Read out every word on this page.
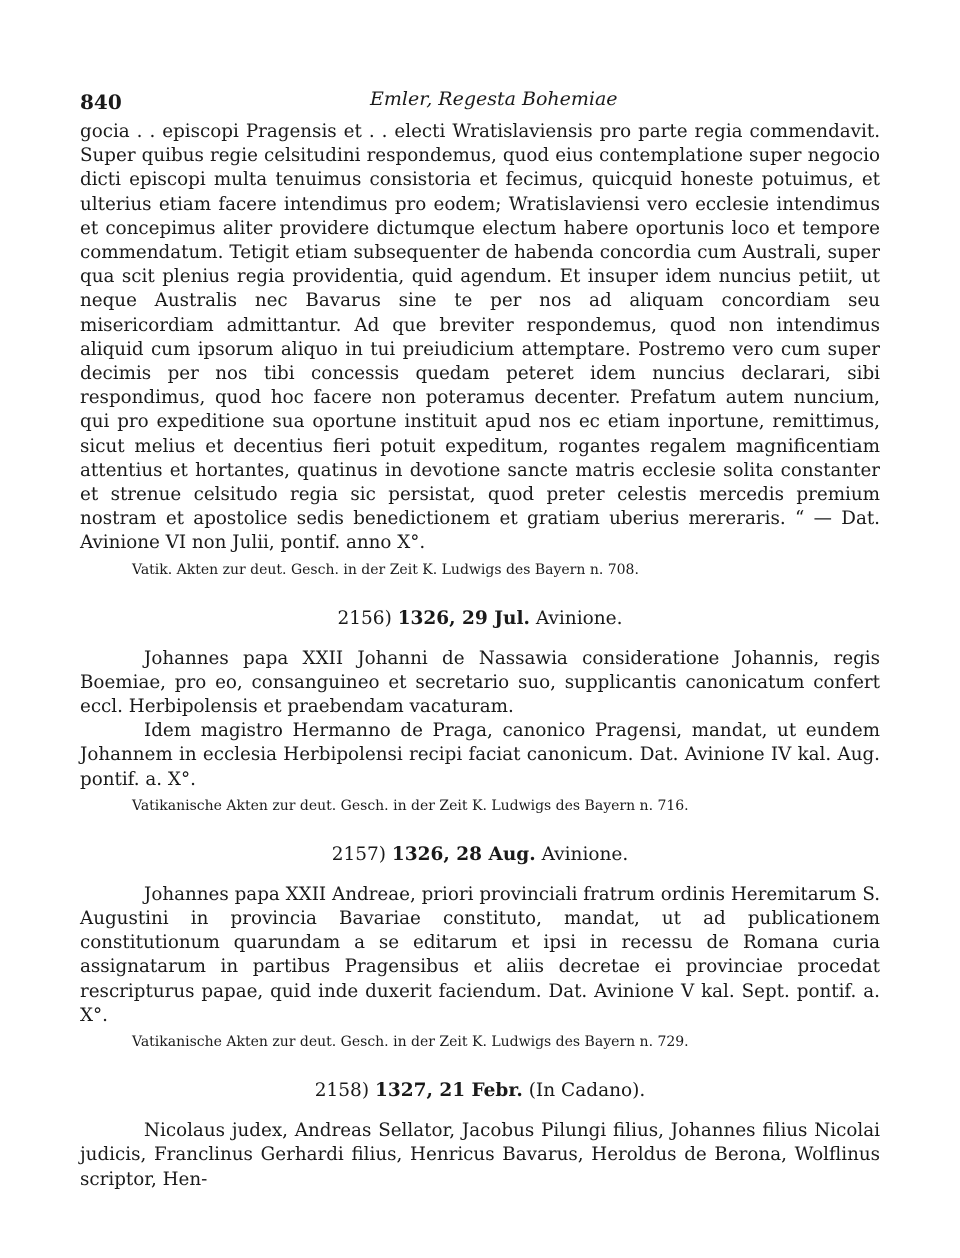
840	Emler, Regesta Bohemiae

gocia . . episcopi Pragensis et . . electi Wratislaviensis pro parte regia commendavit. Super quibus regie celsitudini respondemus, quod eius contemplatione super negocio dicti episcopi multa tenuimus consistoria et fecimus, quicquid honeste potuimus, et ulterius etiam facere intendimus pro eodem; Wratislaviensi vero ecclesie intendimus et concepimus aliter providere dictumque electum habere oportunis loco et tempore commendatum. Tetigit etiam subsequenter de habenda concordia cum Australi, super qua scit plenius regia providentia, quid agendum. Et insuper idem nuncius petiit, ut neque Australis nec Bavarus sine te per nos ad aliquam concordiam seu misericordiam admittantur. Ad que breviter respondemus, quod non intendimus aliquid cum ipsorum aliquo in tui preiudicium attemptare. Postremo vero cum super decimis per nos tibi concessis quedam peteret idem nuncius declarari, sibi respondimus, quod hoc facere non poteramus decenter. Prefatum autem nuncium, qui pro expeditione sua oportune instituit apud nos ec etiam inportune, remittimus, sicut melius et decentius fieri potuit expeditum, rogantes regalem magnificentiam attentius et hortantes, quatinus in devotione sancte matris ecclesie solita constanter et strenue celsitudo regia sic persistat, quod preter celestis mercedis premium nostram et apostolice sedis benedictionem et gratiam uberius mereraris. “ — Dat. Avinione VI non Julii, pontif. anno X°.

Vatik. Akten zur deut. Gesch. in der Zeit K. Ludwigs des Bayern n. 708.
2156) 1326, 29 Jul. Avinione.

Johannes papa XXII Johanni de Nassawia consideratione Johannis, regis Boemiae, pro eo, consanguineo et secretario suo, supplicantis canonicatum confert eccl. Herbipolensis et praebendam vacaturam.

Idem magistro Hermanno de Praga, canonico Pragensi, mandat, ut eundem Johannem in ecclesia Herbipolensi recipi faciat canonicum. Dat. Avinione IV kal. Aug. pontif. a. X°.

Vatikanische Akten zur deut. Gesch. in der Zeit K. Ludwigs des Bayern n. 716.
2157) 1326, 28 Aug. Avinione.

Johannes papa XXII Andreae, priori provinciali fratrum ordinis Heremitarum S. Augustini in provincia Bavariae constituto, mandat, ut ad publicationem constitutionum quarundam a se editarum et ipsi in recessu de Romana curia assignatarum in partibus Pragensibus et aliis decretae ei provinciae procedat rescripturus papae, quid inde duxerit faciendum. Dat. Avinione V kal. Sept. pontif. a. X°.

Vatikanische Akten zur deut. Gesch. in der Zeit K. Ludwigs des Bayern n. 729.
2158) 1327, 21 Febr. (In Cadano).

Nicolaus judex, Andreas Sellator, Jacobus Pilungi filius, Johannes filius Nicolai judicis, Franclinus Gerhardi filius, Henricus Bavarus, Heroldus de Berona, Wolflinus scriptor, Hen-
